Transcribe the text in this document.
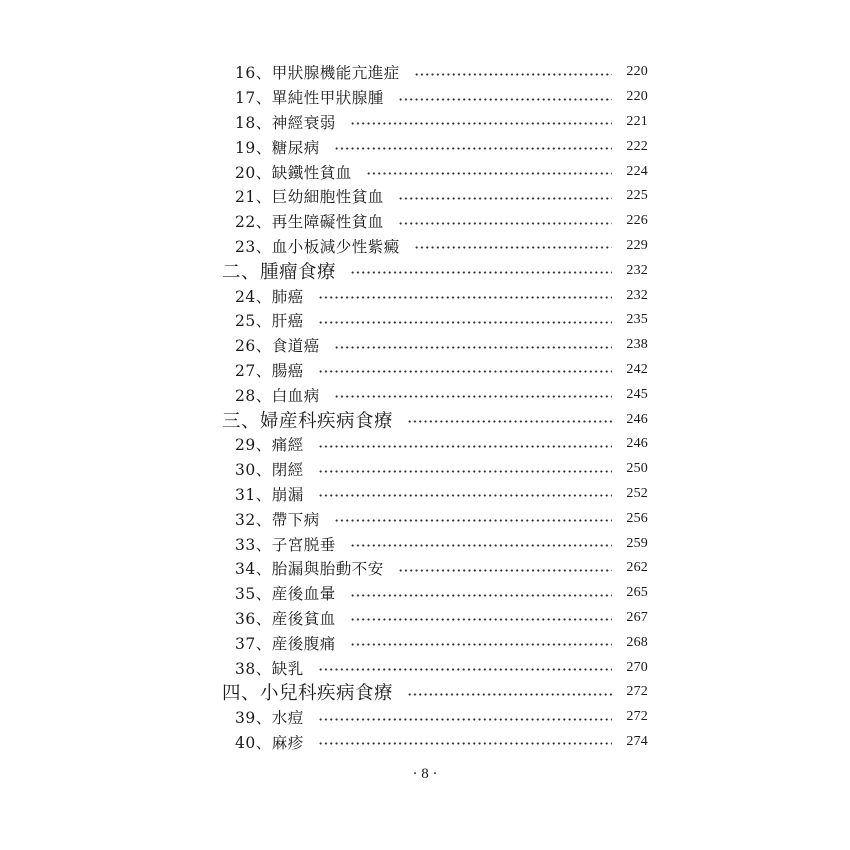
16、甲狀腺機能亢進症	220
17、單純性甲狀腺腫	220
18、神經衰弱	221
19、糖尿病	222
20、缺鐵性貧血	224
21、巨幼細胞性貧血	225
22、再生障礙性貧血	226
23、血小板減少性紫癜	229
二、腫瘤食療	232
24、肺癌	232
25、肝癌	235
26、食道癌	238
27、腸癌	242
28、白血病	245
三、婦産科疾病食療	246
29、痛經	246
30、閉經	250
31、崩漏	252
32、帶下病	256
33、子宮脱垂	259
34、胎漏與胎動不安	262
35、産後血暈	265
36、産後貧血	267
37、産後腹痛	268
38、缺乳	270
四、小兒科疾病食療	272
39、水痘	272
40、麻疹	274
· 8 ·
